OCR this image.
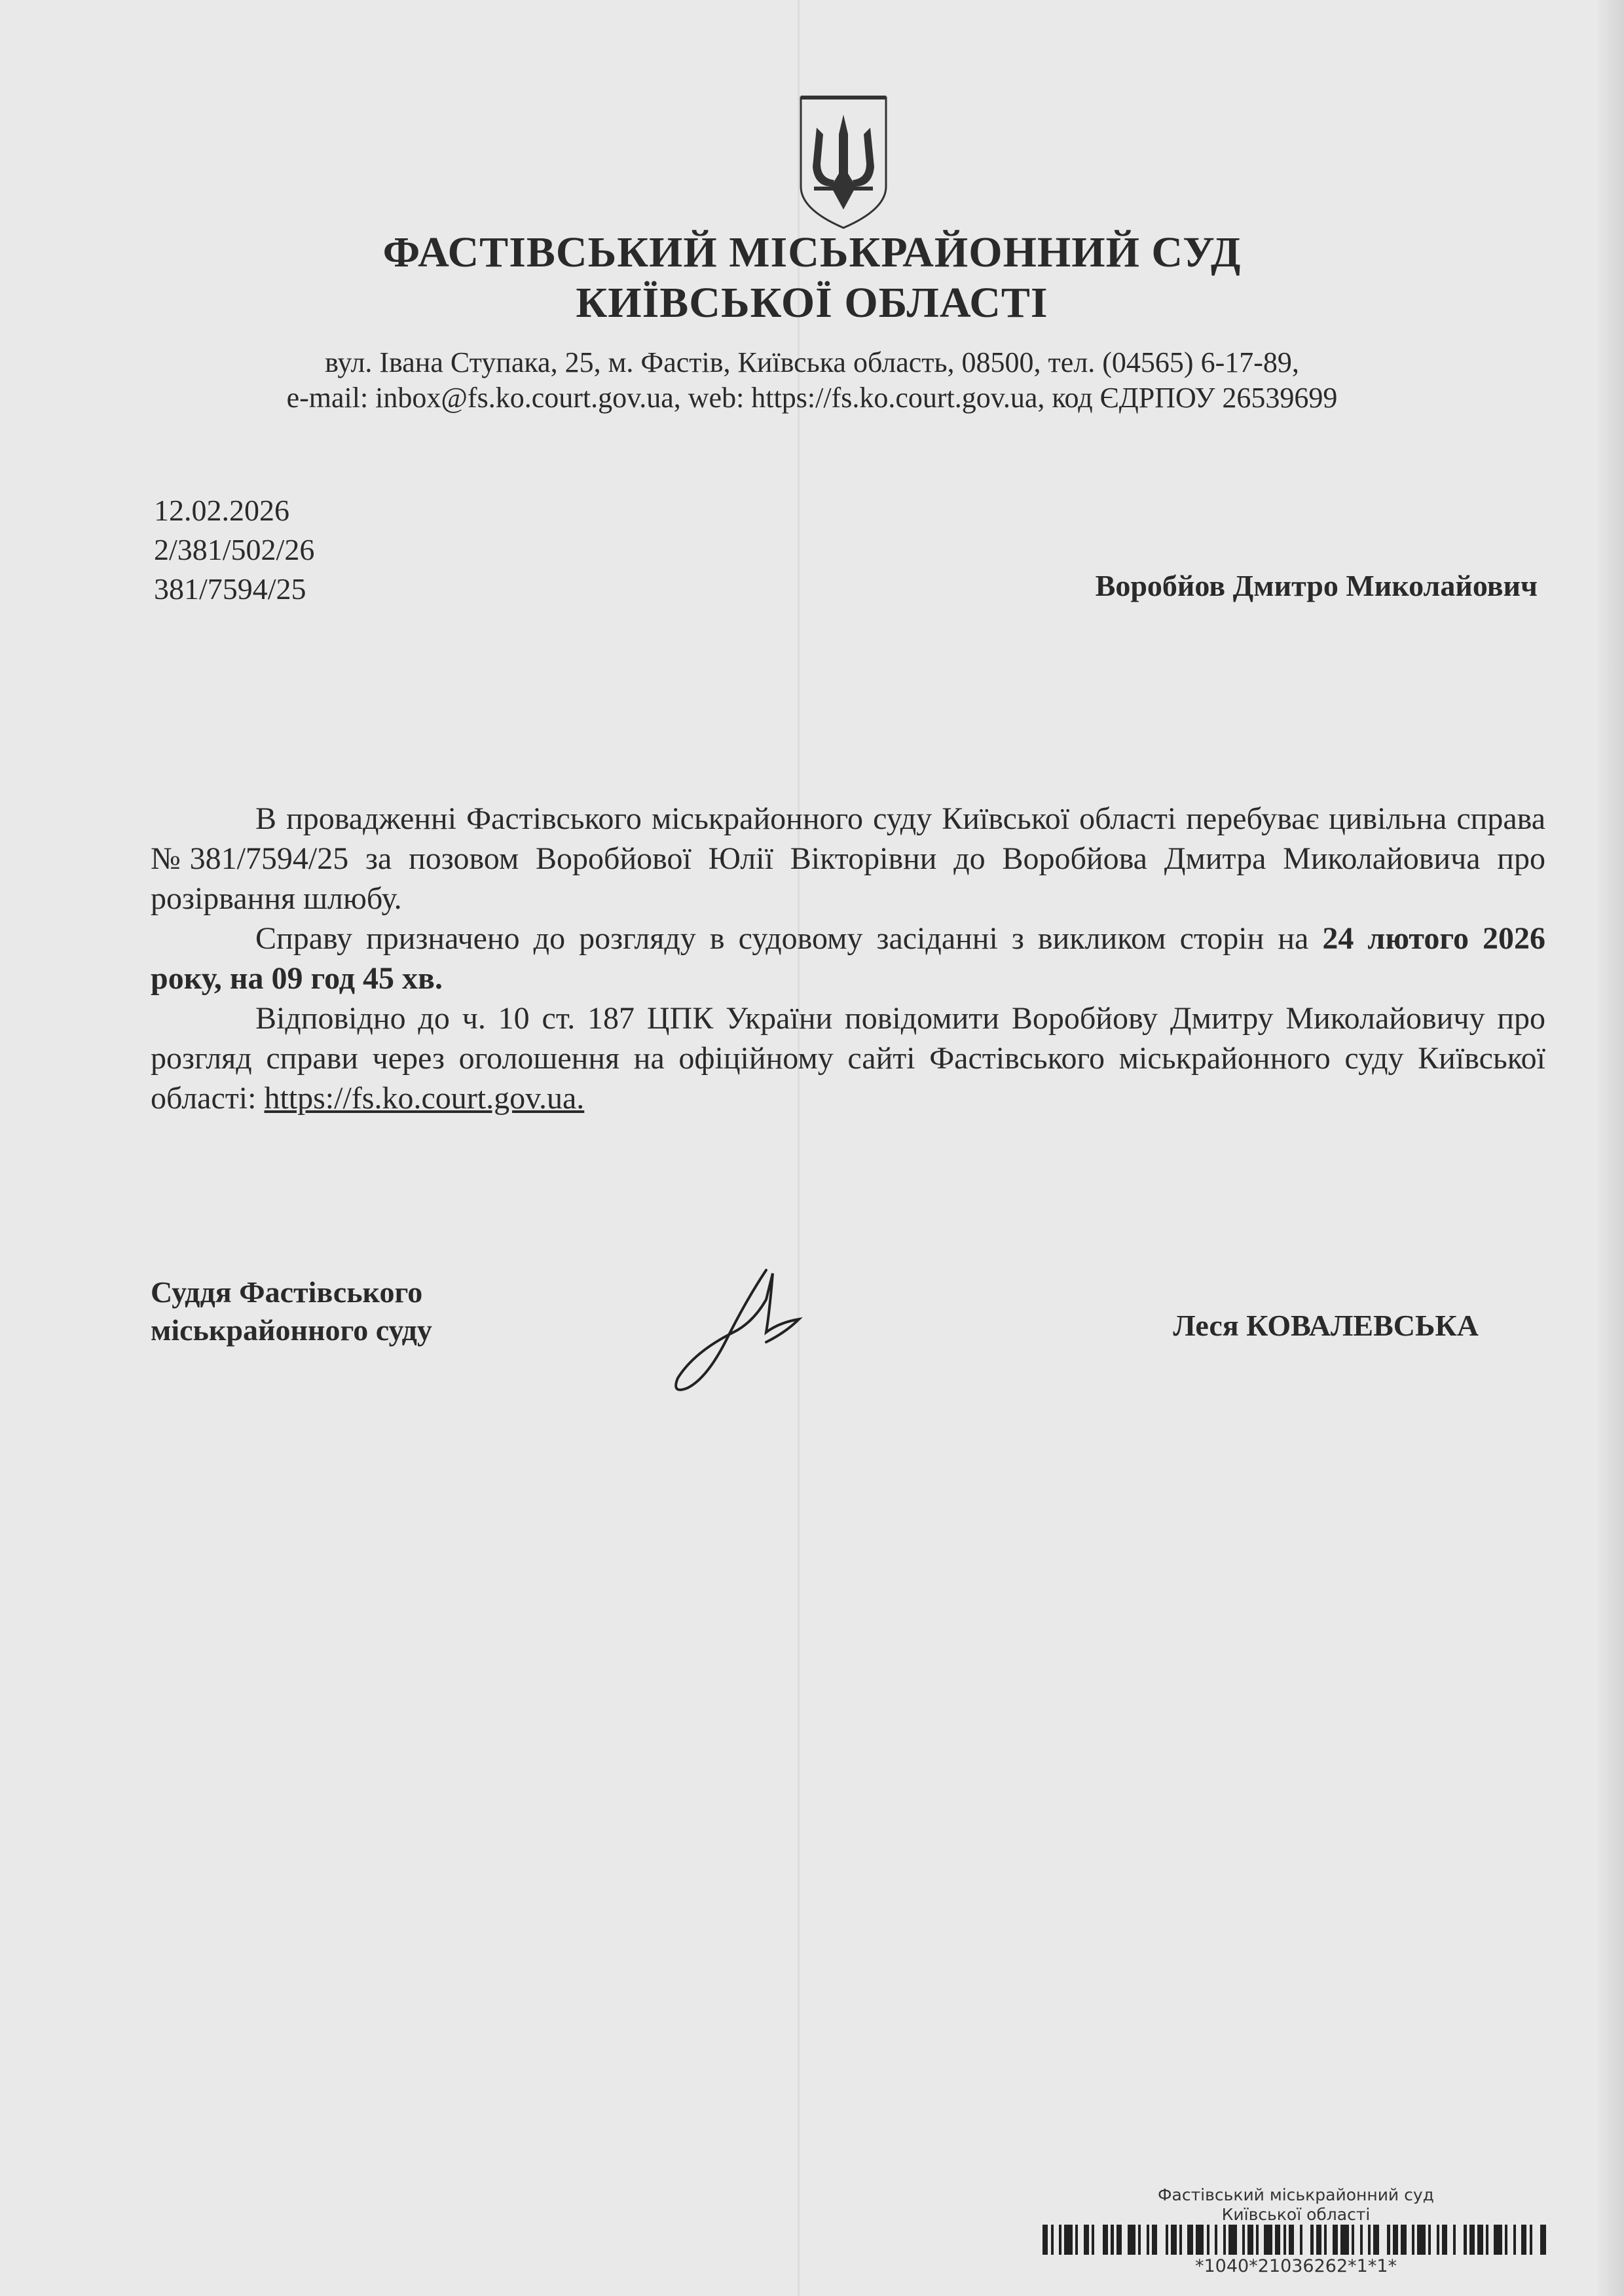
ФАСТІВСЬКИЙ МІСЬКРАЙОННИЙ СУД
КИЇВСЬКОЇ ОБЛАСТІ
вул. Івана Ступака, 25, м. Фастів, Київська область, 08500, тел. (04565) 6-17-89,
e-mail: inbox@fs.ko.court.gov.ua, web: https://fs.ko.court.gov.ua, код ЄДРПОУ 26539699
12.02.2026
2/381/502/26
381/7594/25	Воробйов Дмитро Миколайович

В провадженні Фастівського міськрайонного суду Київської області перебуває цивільна справа №381/7594/25 за позовом Воробйової Юлії Вікторівни до Воробйова Дмитра Миколайовича про розірвання шлюбу.

Справу призначено до розгляду в судовому засіданні з викликом сторін на 24 лютого 2026 року, на 09 год 45 хв.

Відповідно до ч. 10 ст. 187 ЦПК України повідомити Воробйову Дмитру Миколайовичу про розгляд справи через оголошення на офіційному сайті Фастівського міськрайонного суду Київської області: https://fs.ko.court.gov.ua.

Суддя Фастівського
міськрайонного суду	Леся КОВАЛЕВСЬКА
Фастівський міськрайонний суд
Київської області
*1040*21036262*1*1*
